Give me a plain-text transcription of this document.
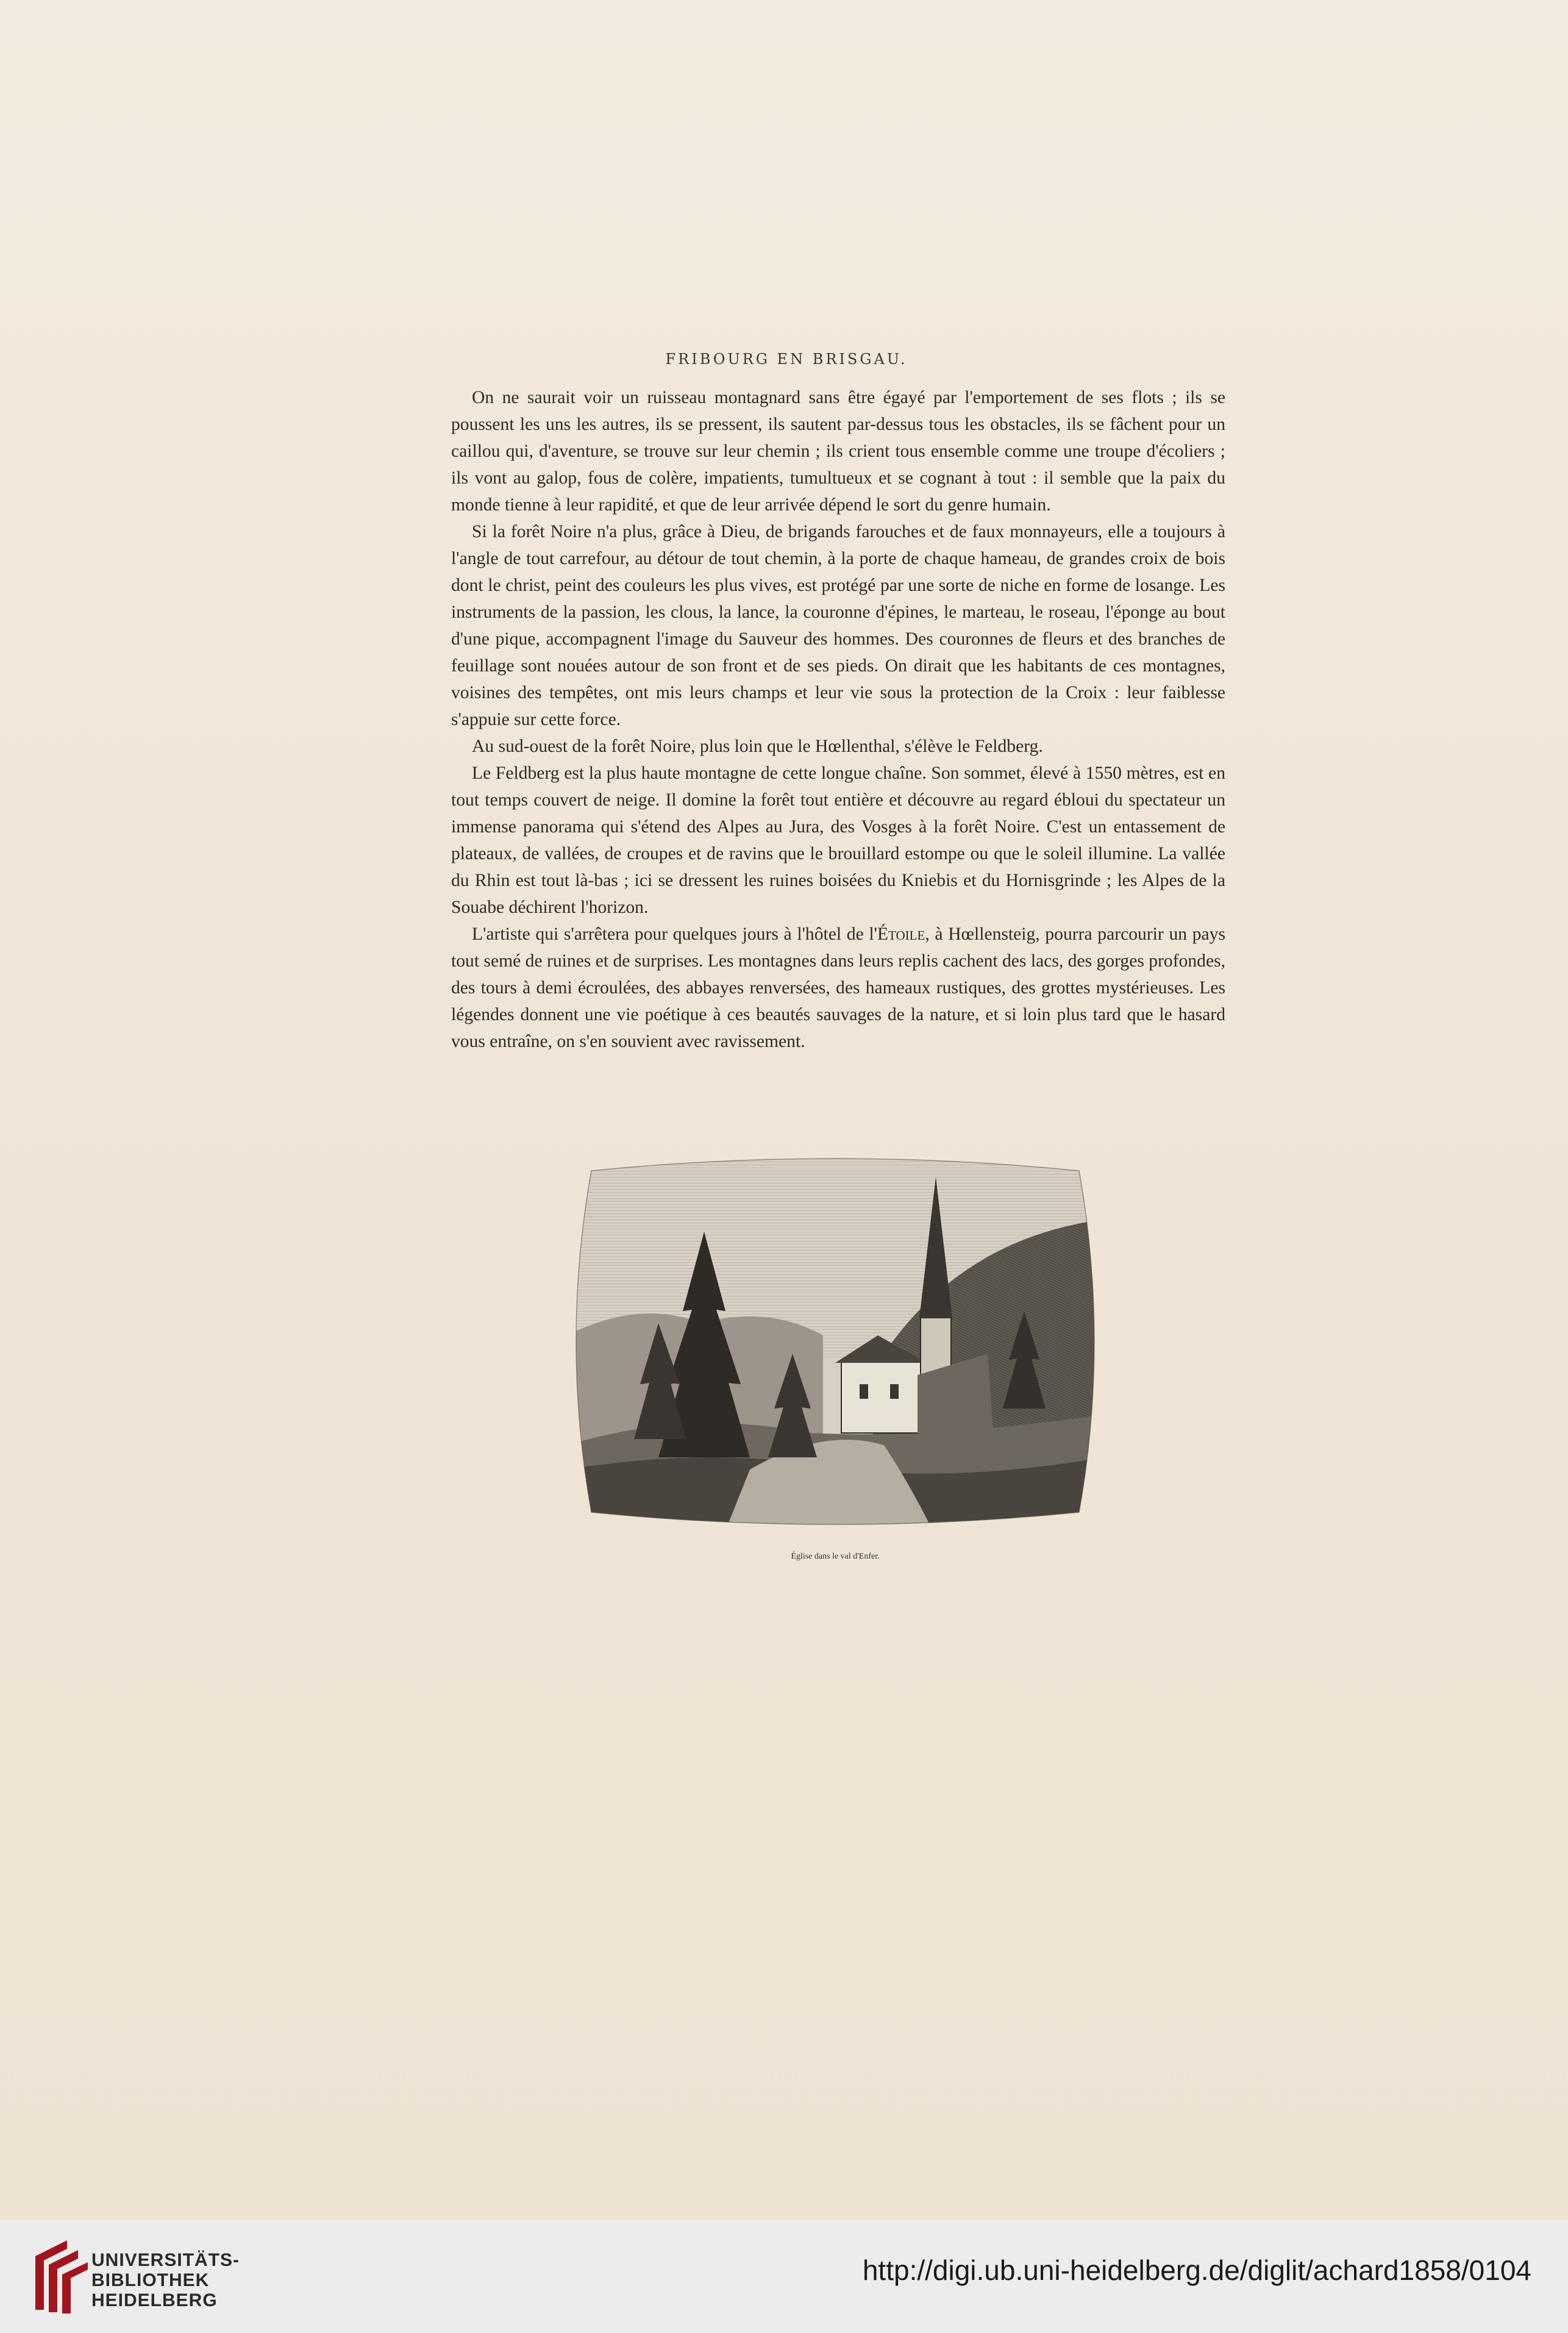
FRIBOURG EN BRISGAU.

On ne saurait voir un ruisseau montagnard sans être égayé par l'emportement de ses flots ; ils se poussent les uns les autres, ils se pressent, ils sautent par-dessus tous les obstacles, ils se fâchent pour un caillou qui, d'aventure, se trouve sur leur chemin ; ils crient tous ensemble comme une troupe d'écoliers ; ils vont au galop, fous de colère, impatients, tumultueux et se cognant à tout : il semble que la paix du monde tienne à leur rapidité, et que de leur arrivée dépend le sort du genre humain.

Si la forêt Noire n'a plus, grâce à Dieu, de brigands farouches et de faux monnayeurs, elle a toujours à l'angle de tout carrefour, au détour de tout chemin, à la porte de chaque hameau, de grandes croix de bois dont le christ, peint des couleurs les plus vives, est protégé par une sorte de niche en forme de losange. Les instruments de la passion, les clous, la lance, la couronne d'épines, le marteau, le roseau, l'éponge au bout d'une pique, accompagnent l'image du Sauveur des hommes. Des couronnes de fleurs et des branches de feuillage sont nouées autour de son front et de ses pieds. On dirait que les habitants de ces montagnes, voisines des tempêtes, ont mis leurs champs et leur vie sous la protection de la Croix : leur faiblesse s'appuie sur cette force.

Au sud-ouest de la forêt Noire, plus loin que le Hœllenthal, s'élève le Feldberg.

Le Feldberg est la plus haute montagne de cette longue chaîne. Son sommet, élevé à 1550 mètres, est en tout temps couvert de neige. Il domine la forêt tout entière et découvre au regard ébloui du spectateur un immense panorama qui s'étend des Alpes au Jura, des Vosges à la forêt Noire. C'est un entassement de plateaux, de vallées, de croupes et de ravins que le brouillard estompe ou que le soleil illumine. La vallée du Rhin est tout là-bas ; ici se dressent les ruines boisées du Kniebis et du Hornisgrinde ; les Alpes de la Souabe déchirent l'horizon.

L'artiste qui s'arrêtera pour quelques jours à l'hôtel de l'Étoile, à Hœllensteig, pourra parcourir un pays tout semé de ruines et de surprises. Les montagnes dans leurs replis cachent des lacs, des gorges profondes, des tours à demi écroulées, des abbayes renversées, des hameaux rustiques, des grottes mystérieuses. Les légendes donnent une vie poétique à ces beautés sauvages de la nature, et si loin plus tard que le hasard vous entraîne, on s'en souvient avec ravissement.

Église dans le val d'Enfer.
UNIVERSITÄTS-
BIBLIOTHEK
HEIDELBERG
http://digi.ub.uni-heidelberg.de/diglit/achard1858/0104
